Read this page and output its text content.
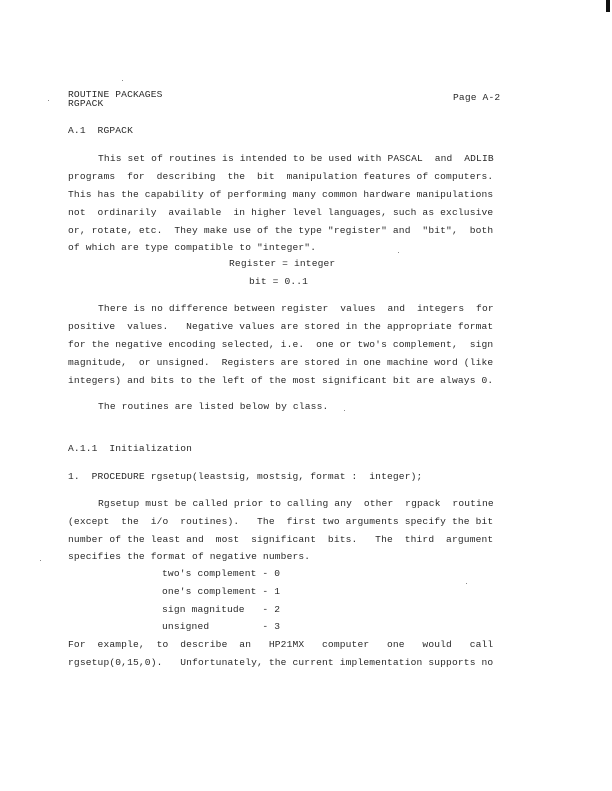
ROUTINE PACKAGES
RGPACK
Page A-2
A.1  RGPACK
This set of routines is intended to be used with PASCAL  and  ADLIB
programs  for  describing  the  bit  manipulation features of computers.
This has the capability of performing many common hardware manipulations
not  ordinarily  available  in higher level languages, such as exclusive
or, rotate, etc.  They make use of the type "register" and  "bit",  both
of which are type compatible to "integer".
Register = integer
bit = 0..1
There is no difference between register  values  and  integers  for
positive  values.   Negative values are stored in the appropriate format
for the negative encoding selected, i.e.  one or two's complement,  sign
magnitude,  or unsigned.  Registers are stored in one machine word (like
integers) and bits to the left of the most significant bit are always 0.
The routines are listed below by class.
A.1.1  Initialization
1.  PROCEDURE rgsetup(leastsig, mostsig, format :  integer);
Rgsetup must be called prior to calling any  other  rgpack  routine
(except  the  i/o  routines).   The  first two arguments specify the bit
number of the least and  most  significant  bits.   The  third  argument
specifies the format of negative numbers.
two's complement - 0
one's complement - 1
sign magnitude   - 2
unsigned         - 3
For  example,  to  describe  an   HP21MX   computer   one   would   call
rgsetup(0,15,0).   Unfortunately, the current implementation supports no
